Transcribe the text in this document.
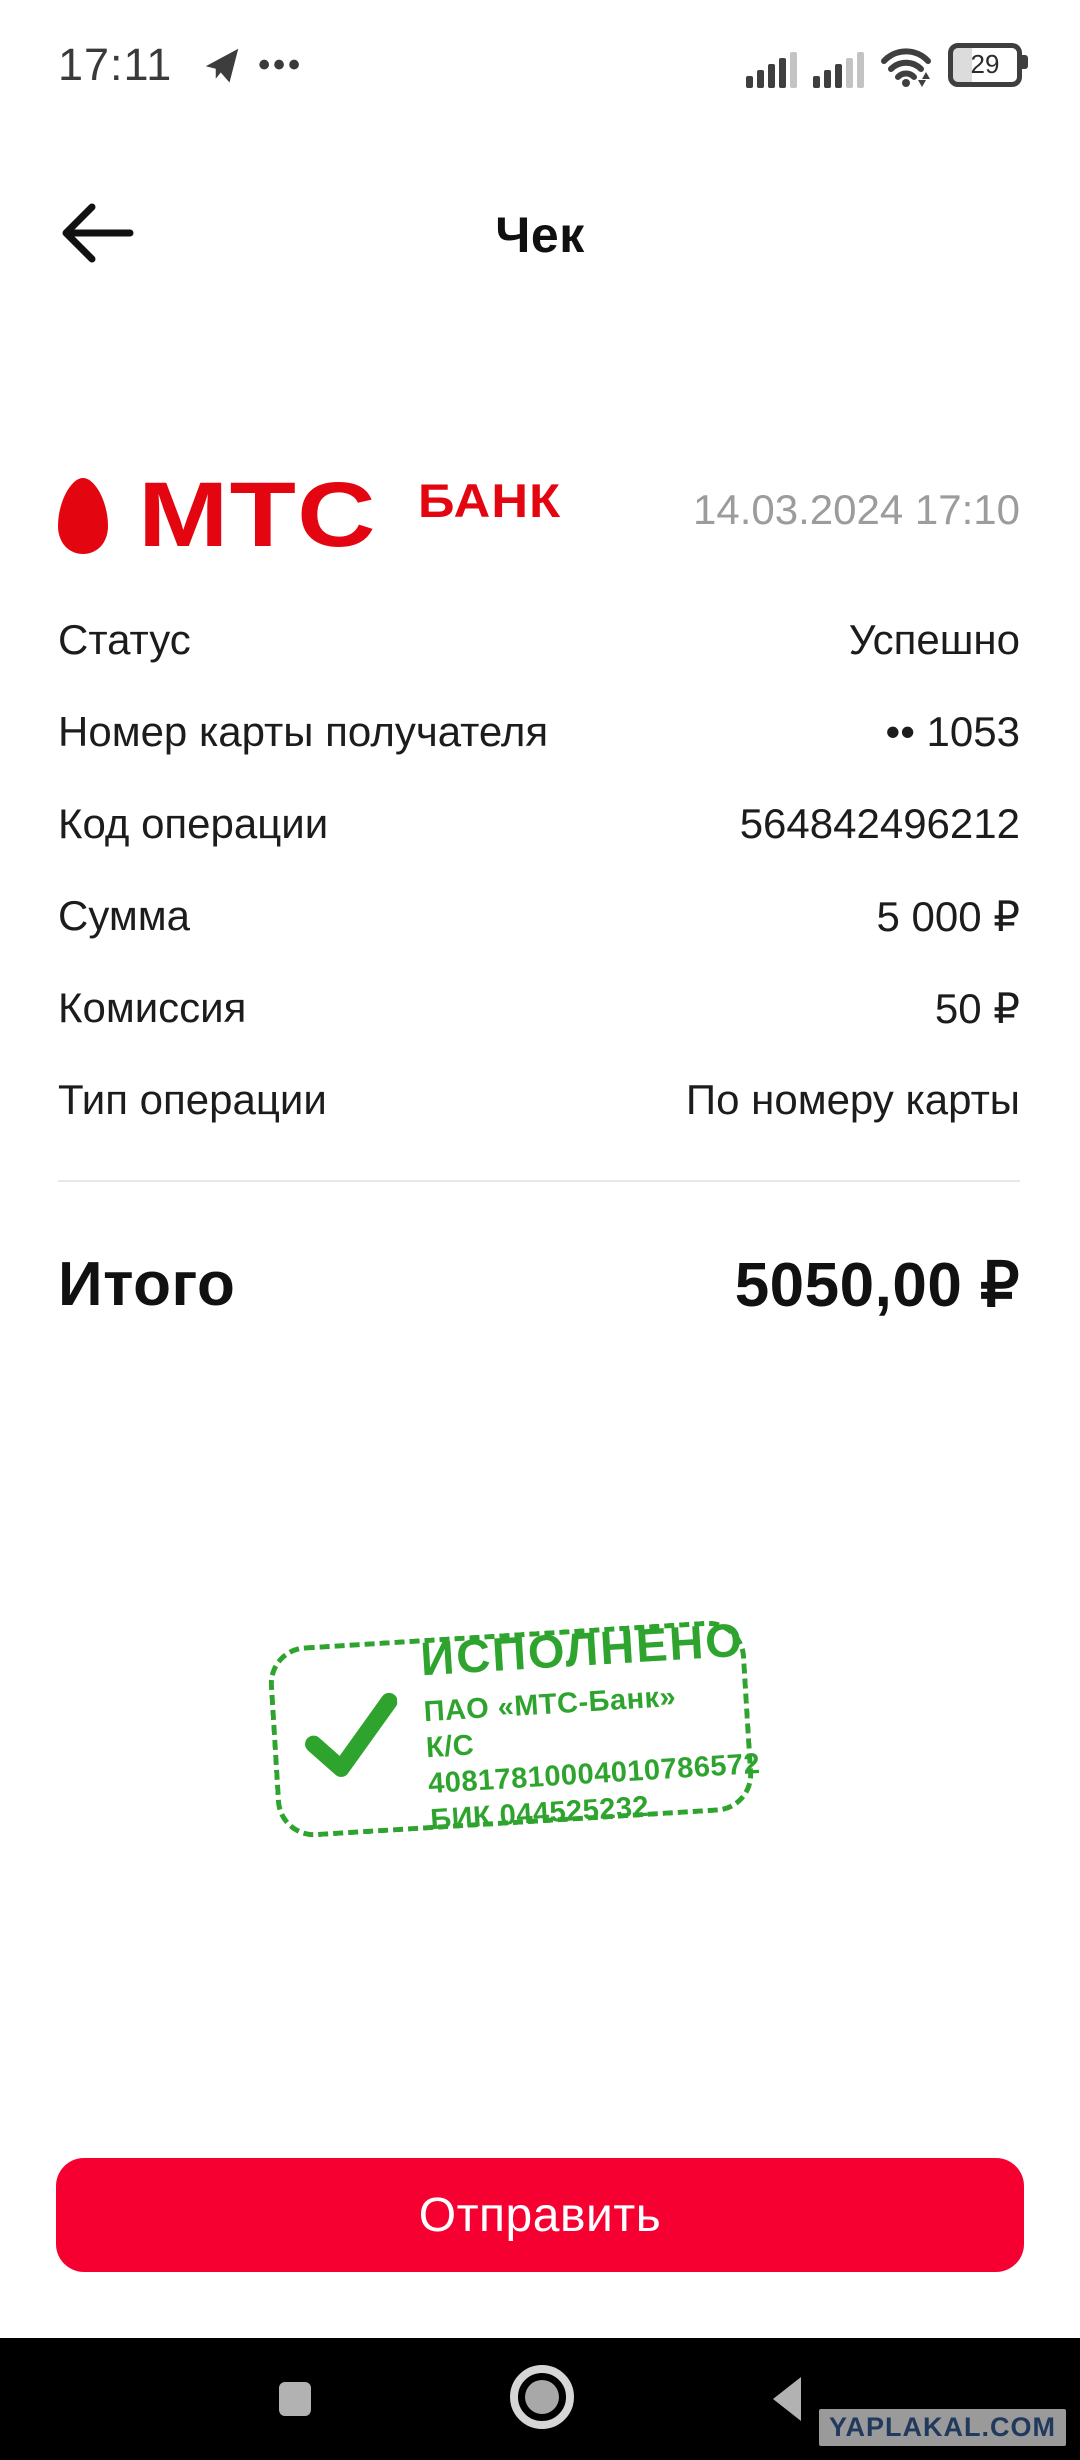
17:11	•••	29
Чек
МТС БАНК	14.03.2024 17:10
Статус	Успешно
Номер карты получателя	•• 1053
Код операции	564842496212
Сумма	5 000 ₽
Комиссия	50 ₽
Тип операции	По номеру карты
Итого	5050,00 ₽
ИСПОЛНЕНО
ПАО «МТС-Банк»
К/С 40817810004010786572
БИК 044525232
Отправить
YAPLAKAL.COM
